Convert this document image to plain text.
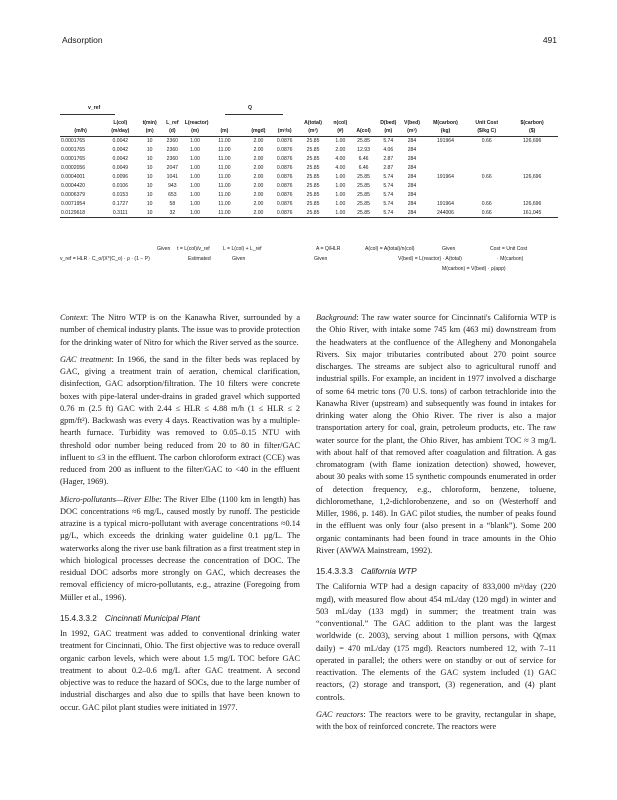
Adsorption	491
v_ref	Q
	L(col)	t(min)	L_ref	L(reactor)				A(total)	n(col)		D(bed)	V(bed)	M(carbon)	Unit Cost	$(carbon)
(m/h)	(m/day)	(m)	(d)	(m)	(m)	(mgd)	(m³/s)	(m²)	(#)	A(col)	(m)	(m³)	(kg)	($/kg C)	($)
0.0001765	0.0042	10	2360	1.00	11.00	2.00	0.0876	25.85	1.00	25.85	5.74	284	191964	0.66	126,696
0.0001765	0.0042	10	2360	1.00	11.00	2.00	0.0876	25.85	2.00	12.93	4.06	284			
0.0001765	0.0042	10	2360	1.00	11.00	2.00	0.0876	25.85	4.00	6.46	2.87	284			
0.0002056	0.0049	10	2047	1.00	11.00	2.00	0.0876	25.85	4.00	6.46	2.87	284			
0.0004001	0.0096	10	1041	1.00	11.00	2.00	0.0876	25.85	1.00	25.85	5.74	284	191964	0.66	126,696
0.0004420	0.0106	10	943	1.00	11.00	2.00	0.0876	25.85	1.00	25.85	5.74	284			
0.0006379	0.0153	10	653	1.00	11.00	2.00	0.0876	25.85	1.00	25.85	5.74	284			
0.0071954	0.1727	10	58	1.00	11.00	2.00	0.0876	25.85	1.00	25.85	5.74	284	191964	0.66	126,696
0.0129618	0.3111	10	32	1.00	11.00	2.00	0.0876	25.85	1.00	25.85	5.74	284	244006	0.66	161,045
Given t = L(col)/v_ref	L = L(col) + L_ref	A = Q/HLR	A(col) = A(total)/n(col)	Given	Cost = Unit Cost
v_ref = HLR · C_o/(X*(C_o) · ρ · (1 − P)	Estimated	Given	Given	V(bed) = L(reactor) · A(total)	· M(carbon)
M(carbon) = V(bed) · ρ(app)

Context: The Nitro WTP is on the Kanawha River, surrounded by a number of chemical industry plants. The issue was to provide protection for the drinking water of Nitro for which the River served as the source.

GAC treatment: In 1966, the sand in the filter beds was replaced by GAC, giving a treatment train of aeration, chemical clarification, disinfection, GAC adsorption/filtration. The 10 filters were concrete boxes with pipe-lateral under-drains in graded gravel which supported 0.76 m (2.5 ft) GAC with 2.44 ≤ HLR ≤ 4.88 m/h (1 ≤ HLR ≤ 2 gpm/ft²). Backwash was every 4 days. Reactivation was by a multiple-hearth furnace. Turbidity was removed to 0.05–0.15 NTU with threshold odor number being reduced from 20 to 80 in filter/GAC influent to ≤3 in the effluent. The carbon chloroform extract (CCE) was reduced from 200 as influent to the filter/GAC to <40 in the effluent (Hager, 1969).

Micro-pollutants—River Elbe: The River Elbe (1100 km in length) has DOC concentrations ≈6 mg/L, caused mostly by runoff. The pesticide atrazine is a typical micro-pollutant with average concentrations ≈0.14 µg/L, which exceeds the drinking water guideline 0.1 µg/L. The waterworks along the river use bank filtration as a first treatment step in which biological processes decrease the concentration of DOC. The residual DOC adsorbs more strongly on GAC, which decreases the removal efficiency of micro-pollutants, e.g., atrazine (Foregoing from Müller et al., 1996).

15.4.3.3.2 Cincinnati Municipal Plant

In 1992, GAC treatment was added to conventional drinking water treatment for Cincinnati, Ohio. The first objective was to reduce overall organic carbon levels, which were about 1.5 mg/L TOC before GAC treatment to about 0.2–0.6 mg/L after GAC treatment. A second objective was to reduce the hazard of SOCs, due to the large number of industrial discharges and also due to spills that have been known to occur. GAC pilot plant studies were initiated in 1977.

Background: The raw water source for Cincinnati's California WTP is the Ohio River, with intake some 745 km (463 mi) downstream from the headwaters at the confluence of the Allegheny and Monongahela Rivers. Six major tributaries contributed about 270 point source discharges. The streams are subject also to agricultural runoff and industrial spills. For example, an incident in 1977 involved a discharge of some 64 metric tons (70 U.S. tons) of carbon tetrachloride into the Kanawha River (upstream) and subsequently was found in intakes for drinking water along the Ohio River. The river is also a major transportation artery for coal, grain, petroleum products, etc. The raw water source for the plant, the Ohio River, has ambient TOC ≈ 3 mg/L with about half of that removed after coagulation and filtration. A gas chromatogram (with flame ionization detection) showed, however, about 30 peaks with some 15 synthetic compounds enumerated in order of detection frequency, e.g., chloroform, benzene, toluene, dichloromethane, 1,2-dichlorobenzene, and so on (Westerhoff and Miller, 1986, p. 148). In GAC pilot studies, the number of peaks found in the effluent was only four (also present in a “blank”). Some 200 organic contaminants had been found in trace amounts in the Ohio River (AWWA Mainstream, 1992).

15.4.3.3.3 California WTP

The California WTP had a design capacity of 833,000 m³/day (220 mgd), with measured flow about 454 mL/day (120 mgd) in winter and 503 mL/day (133 mgd) in summer; the treatment train was “conventional.” The GAC addition to the plant was the largest worldwide (c. 2003), serving about 1 million persons, with Q(max daily) = 470 mL/day (175 mgd). Reactors numbered 12, with 7–11 operated in parallel; the others were on standby or out of service for reactivation. The elements of the GAC system included (1) GAC reactors, (2) storage and transport, (3) regeneration, and (4) plant controls.

GAC reactors: The reactors were to be gravity, rectangular in shape, with the box of reinforced concrete. The reactors were
